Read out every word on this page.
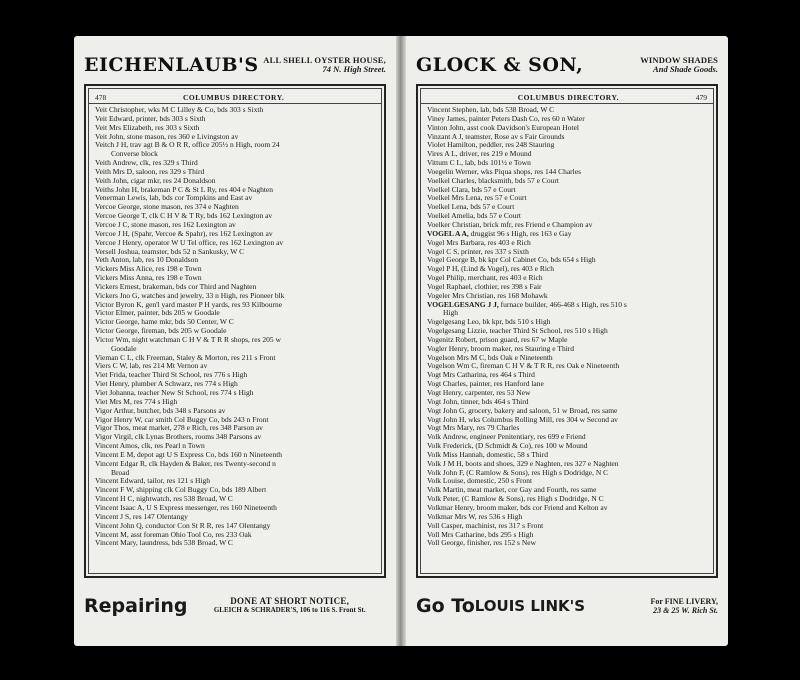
EICHENLAUB'S ALL SHELL OYSTER HOUSE,
74 N. High Street.
478	COLUMBUS DIRECTORY.
Veit Christopher, wks M C Lilley & Co, bds 303 s Sixth
Veit Edward, printer, bds 303 s Sixth
Veit Mrs Elizabeth, res 303 s Sixth
Veit John, stone mason, res 360 e Livingston av
Veitch J H, trav agt B & O R R, office 205½ n High, room 24
Converse block
Veith Andrew, clk, res 329 s Third
Veith Mrs D, saloon, res 329 s Third
Veith John, cigar mkr, res 24 Donaldson
Veiths John H, brakeman P C & St L Ry, res 404 e Naghten
Venerman Lewis, lab, bds cor Tompkins and East av
Vercoe George, stone mason, res 374 e Naghten
Vercoe George T, clk C H V & T Ry, bds 162 Lexington av
Vercoe J C, stone mason, res 162 Lexington av
Vercoe J H, (Spahr, Vercoe & Spahr), res 162 Lexington av
Vercoe J Henry, operator W U Tel office, res 162 Lexington av
Versell Joshua, teamster, bds 52 n Sankusky, W C
Veth Anton, lab, res 10 Donaldson
Vickers Miss Alice, res 198 e Town
Vickers Miss Anna, res 198 e Town
Vickers Ernest, brakeman, bds cor Third and Naghten
Vickers Jno G, watches and jewelry, 33 n High, res Pioneer blk
Victor Byron K, gen'l yard master P H yards, res 93 Kilbourne
Victor Elmer, painter, bds 205 w Goodale
Victor George, hame mkr, bds 50 Center, W C
Victor George, fireman, bds 205 w Goodale
Victor Wm, night watchman C H V & T R R shops, res 205 w
Goodale
Vieman C L, clk Freeman, Staley & Morton, res 211 s Front
Viers C W, lab, res 214 Mt Vernon av
Viet Frida, teacher Third St School, res 776 s High
Viet Henry, plumber A Schwarz, res 774 s High
Viet Johanna, teacher New St School, res 774 s High
Viet Mrs M, res 774 s High
Vigor Arthur, butcher, bds 348 s Parsons av
Vigor Henry W, car smith Col Buggy Co, bds 243 n Front
Vigor Thos, meat market, 278 e Rich, res 348 Parson av
Vigor Virgil, clk Lynas Brothers, rooms 348 Parsons av
Vincent Amos, clk, res Pearl n Town
Vincent E M, depot agt U S Express Co, bds 160 n Nineteenth
Vincent Edgar R, clk Hayden & Baker, res Twenty-second n
Broad
Vincent Edward, tailor, res 121 s High
Vincent F W, shipping clk Col Buggy Co, bds 189 Albert
Vincent H C, nightwatch, res 538 Broad, W C
Vincent Isaac A, U S Express messenger, res 160 Nineteenth
Vincent J S, res 147 Olentangy
Vincent John Q, conductor Con St R R, res 147 Olentangy
Vincent M, asst foreman Ohio Tool Co, res 233 Oak
Vincent Mary, laundress, bds 538 Broad, W C
Repairing	DONE AT SHORT NOTICE,
GLEICH & SCHRADER'S, 106 to 116 S. Front St.
GLOCK & SON,	WINDOW SHADES
And Shade Goods.
COLUMBUS DIRECTORY.	479
Vincent Stephen, lab, bds 538 Broad, W C
Viney James, painter Peters Dash Co, res 60 n Water
Vinton John, asst cook Davidson's European Hotel
Vinzant A J, teamster, Rose av s Fair Grounds
Violet Hamilton, peddler, res 248 Stauring
Vires A L, driver, res 219 e Mound
Vittum C L, lab, bds 101½ e Town
Voegelin Werner, wks Piqua shops, res 144 Charles
Voelkel Charles, blacksmith, bds 57 e Court
Voelkel Clara, bds 57 e Court
Voelkel Mrs Lena, res 57 e Court
Voelkel Lena, bds 57 e Court
Voelkel Amelia, bds 57 e Court
Voelker Christian, brick mfr, res Friend e Champion av
VOGEL A A, druggist 96 s High, res 163 e Gay
Vogel Mrs Barbara, res 403 e Rich
Vogel C S, printer, res 337 s Sixth
Vogel George B, bk kpr Col Cabinet Co, bds 654 s High
Vogel P H, (Lind & Vogel), res 403 e Rich
Vogel Philip, merchant, res 403 e Rich
Vogel Raphael, clothier, res 398 s Fair
Vogeler Mrs Christian, res 168 Mohawk
VOGELGESANG J J, furnace builder, 466-468 s High, res 510 s
High
Vogelgesang Leo, bk kpr, bds 510 s High
Vogelgesang Lizzie, teacher Third St School, res 510 s High
Vogenitz Robert, prison guard, res 67 w Maple
Vogler Henry, broom maker, res Stauring e Third
Vogelson Mrs M C, bds Oak e Nineteenth
Vogelson Wm C, fireman C H V & T R R, res Oak e Nineteenth
Vogt Mrs Catharina, res 464 s Third
Vogt Charles, painter, res Hanford lane
Vogt Henry, carpenter, res 53 New
Vogt John, tinner, bds 464 s Third
Vogt John G, grocery, bakery and saloon, 51 w Broad, res same
Vogt John H, wks Columbus Rolling Mill, res 304 w Second av
Vogt Mrs Mary, res 79 Charles
Volk Andrew, engineer Penitentiary, res 699 e Friend
Volk Frederick, (D Schmidt & Co), res 100 w Mound
Volk Miss Hannah, domestic, 58 s Third
Volk J M H, boots and shoes, 329 e Naghten, res 327 e Naghten
Volk John F, (C Ramlow & Sons), res High s Dodridge, N C
Volk Louise, domestic, 250 s Front
Volk Martin, meat market, cor Gay and Fourth, res same
Volk Peter, (C Ramlow & Sons), res High s Dodridge, N C
Volkmar Henry, broom maker, bds cor Friend and Kelton av
Volkmar Mrs W, res 536 s High
Voll Casper, machinist, res 317 s Front
Voll Mrs Catharine, bds 295 s High
Voll George, finisher, res 152 s New
Go To LOUIS LINK'S	For FINE LIVERY,
23 & 25 W. Rich St.
